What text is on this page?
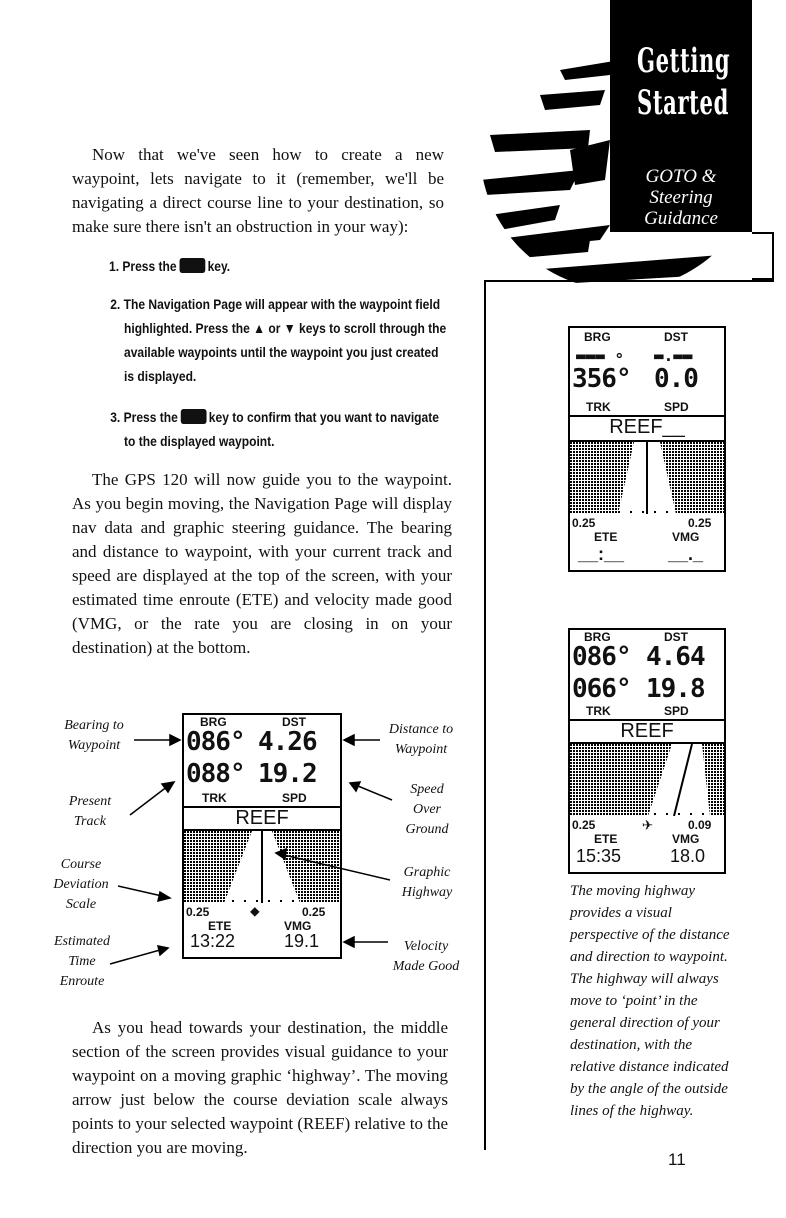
Getting
Started
GOTO &
Steering
Guidance
Now that we've seen how to create a new waypoint, lets navigate to it (remember, we'll be navigating a direct course line to your destination, so make sure there isn't an obstruction in your way):
1. Press the key.
2. The Navigation Page will appear with the waypoint field highlighted. Press the ▲ or ▼ keys to scroll through the available waypoints until the waypoint you just created is displayed.
3. Press the key to confirm that you want to navigate to the displayed waypoint.
The GPS 120 will now guide you to the waypoint. As you begin moving, the Navigation Page will display nav data and graphic steering guidance. The bearing and distance to waypoint, with your current track and speed are displayed at the top of the screen, with your estimated time enroute (ETE) and velocity made good (VMG, or the rate you are closing in on your destination) at the bottom.
BRG	DST
086° 4.26
088° 19.2
TRK	SPD
REEF
0.25	0.25
◆
ETE	VMG
13:22	19.1
Bearing to Waypoint
Distance to Waypoint
Present Track
Speed Over Ground
Course Deviation Scale
Graphic Highway
Estimated Time Enroute
Velocity Made Good
As you head towards your destination, the middle section of the screen provides visual guidance to your waypoint on a moving graphic ‘highway’. The moving arrow just below the course deviation scale always points to your selected waypoint (REEF) relative to the direction you are moving.
BRG	DST
▬▬▬ ∘ ▬.▬▬
356° 0.0
TRK	SPD
REEF__
0.25	0.25
ETE	VMG
__:__ __._
BRG	DST
086° 4.64
066° 19.8
TRK	SPD
REEF
0.25	0.09
✈
ETE	VMG
15:35	18.0
The moving highway provides a visual perspective of the distance and direction to waypoint. The highway will always move to ‘point’ in the general direction of your destination, with the relative distance indicated by the angle of the outside lines of the highway.
11
